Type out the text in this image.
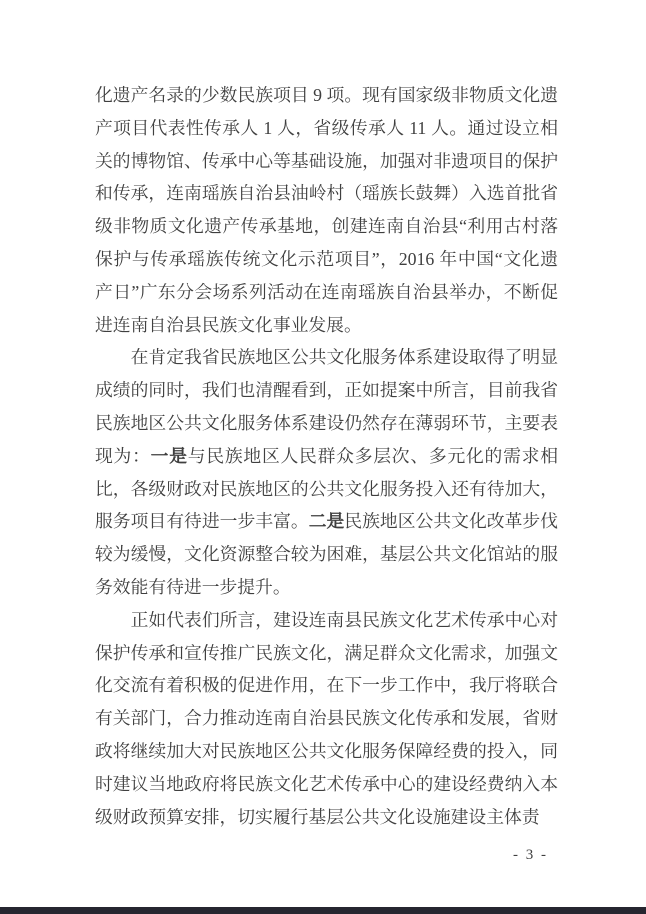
化遗产名录的少数民族项目 9 项。现有国家级非物质文化遗产项目代表性传承人 1 人，省级传承人 11 人。通过设立相关的博物馆、传承中心等基础设施，加强对非遗项目的保护和传承，连南瑶族自治县油岭村（瑶族长鼓舞）入选首批省级非物质文化遗产传承基地，创建连南自治县“利用古村落保护与传承瑶族传统文化示范项目”，2016 年中国“文化遗产日”广东分会场系列活动在连南瑶族自治县举办，不断促进连南自治县民族文化事业发展。

在肯定我省民族地区公共文化服务体系建设取得了明显成绩的同时，我们也清醒看到，正如提案中所言，目前我省民族地区公共文化服务体系建设仍然存在薄弱环节，主要表现为：一是与民族地区人民群众多层次、多元化的需求相比，各级财政对民族地区的公共文化服务投入还有待加大，服务项目有待进一步丰富。二是民族地区公共文化改革步伐较为缓慢，文化资源整合较为困难，基层公共文化馆站的服务效能有待进一步提升。

正如代表们所言，建设连南县民族文化艺术传承中心对保护传承和宣传推广民族文化，满足群众文化需求，加强文化交流有着积极的促进作用，在下一步工作中，我厅将联合有关部门，合力推动连南自治县民族文化传承和发展，省财政将继续加大对民族地区公共文化服务保障经费的投入，同时建议当地政府将民族文化艺术传承中心的建设经费纳入本级财政预算安排，切实履行基层公共文化设施建设主体责

- 3 -
